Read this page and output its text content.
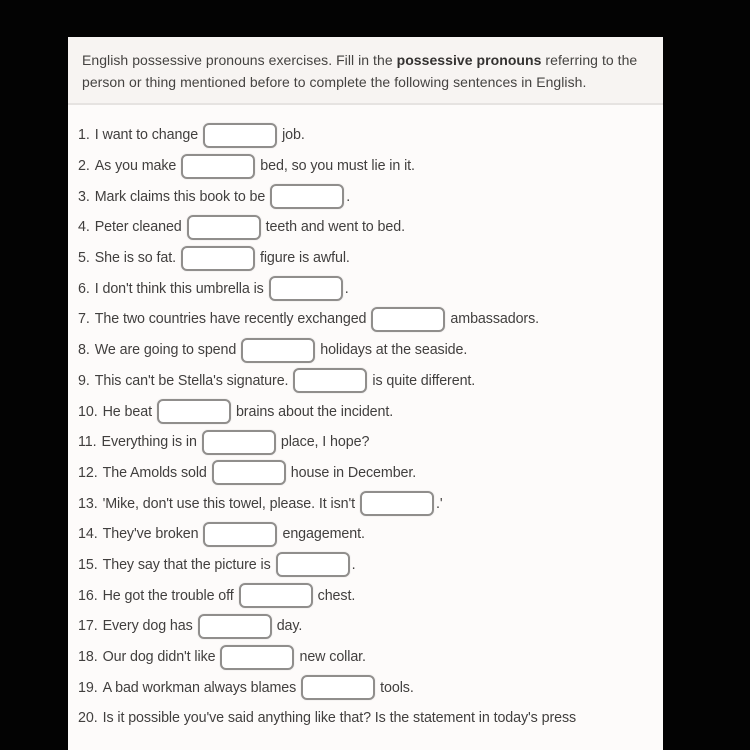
English possessive pronouns exercises. Fill in the possessive pronouns referring to the person or thing mentioned before to complete the following sentences in English.
1. I want to change	job.
2. As you make	bed, so you must lie in it.
3. Mark claims this book to be	.
4. Peter cleaned	teeth and went to bed.
5. She is so fat.	figure is awful.
6. I don't think this umbrella is	.
7. The two countries have recently exchanged	ambassadors.
8. We are going to spend	holidays at the seaside.
9. This can't be Stella's signature.	is quite different.
10. He beat	brains about the incident.
11. Everything is in	place, I hope?
12. The Amolds sold	house in December.
13. 'Mike, don't use this towel, please. It isn't	.'
14. They've broken	engagement.
15. They say that the picture is	.
16. He got the trouble off	chest.
17. Every dog has	day.
18. Our dog didn't like	new collar.
19. A bad workman always blames	tools.
20. Is it possible you've said anything like that? Is the statement in today's press
